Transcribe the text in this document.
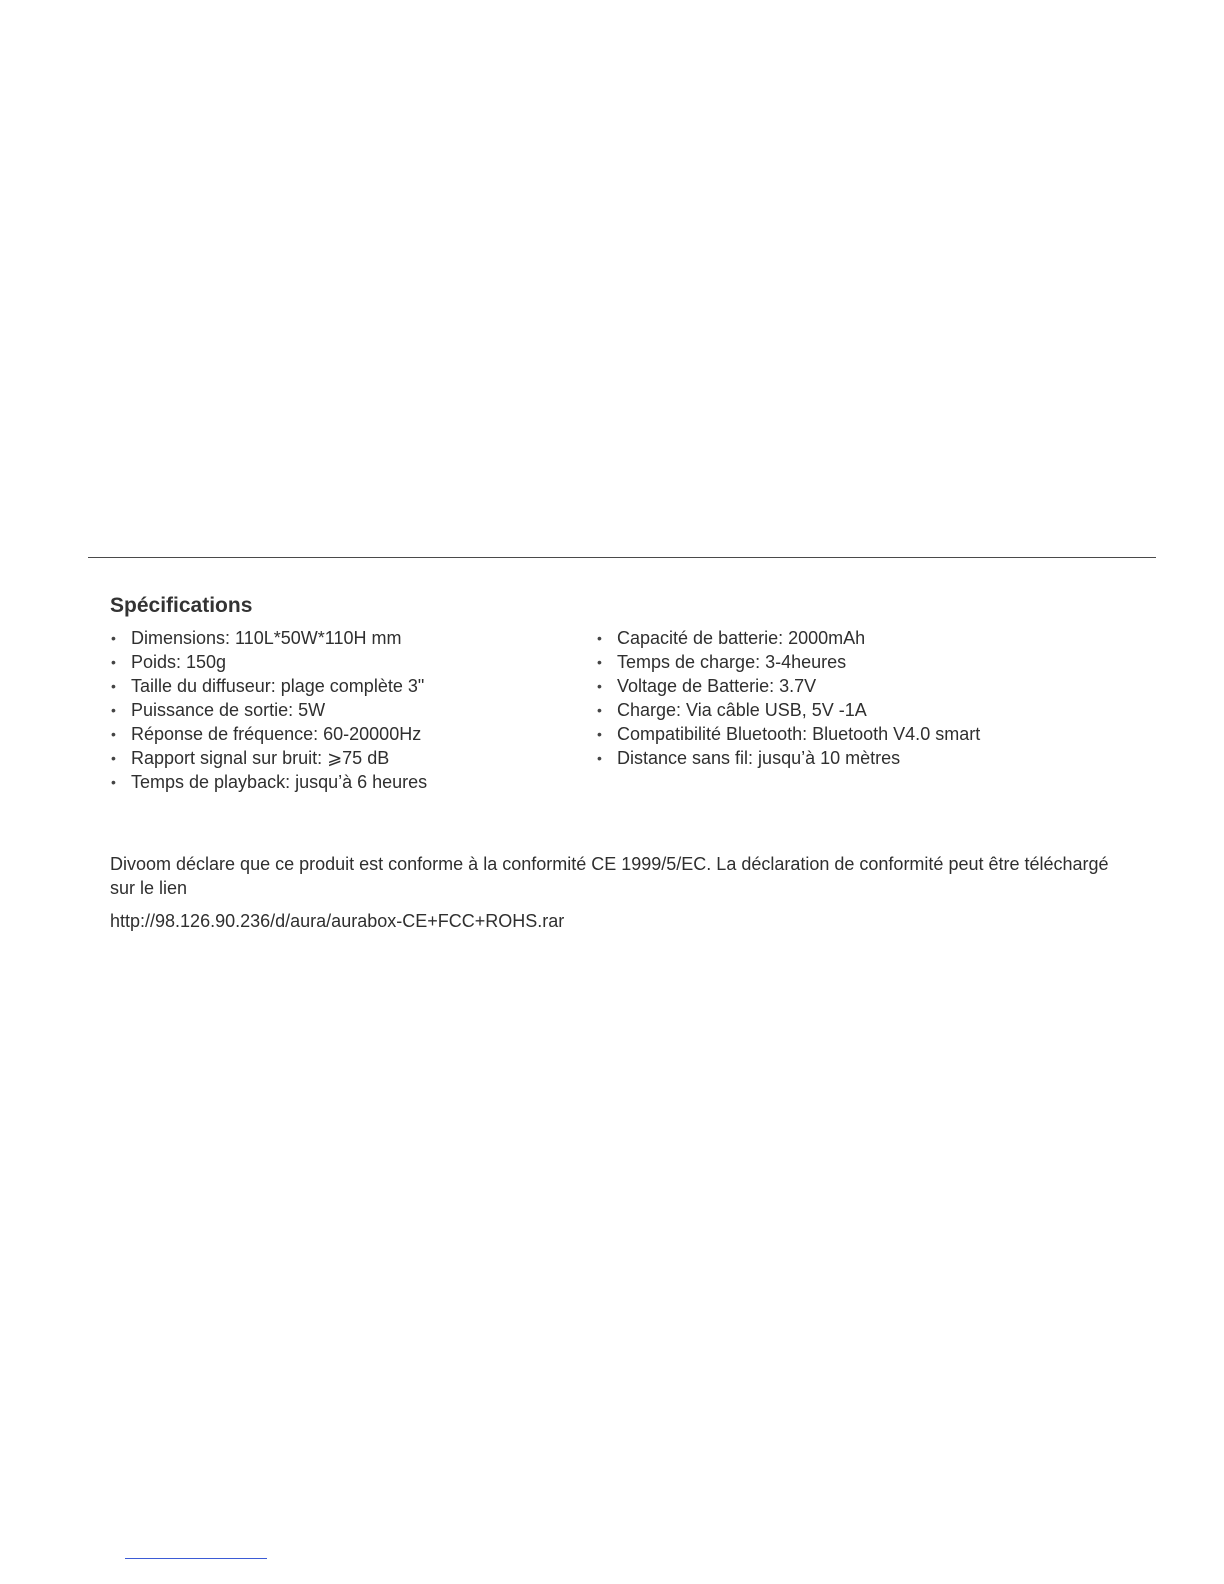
Spécifications
• Dimensions: 110L*50W*110H mm
• Poids: 150g
• Taille du diffuseur: plage complète 3"
• Puissance de sortie: 5W
• Réponse de fréquence: 60-20000Hz
• Rapport signal sur bruit: ⩾75 dB
• Temps de playback: jusqu’à 6 heures
• Capacité de batterie: 2000mAh
• Temps de charge: 3-4heures
• Voltage de Batterie: 3.7V
• Charge: Via câble USB, 5V -1A
• Compatibilité Bluetooth: Bluetooth V4.0 smart
• Distance sans fil: jusqu’à 10 mètres

Divoom déclare que ce produit est conforme à la conformité CE 1999/5/EC. La déclaration de conformité peut être téléchargé sur le lien

http://98.126.90.236/d/aura/aurabox-CE+FCC+ROHS.rar
